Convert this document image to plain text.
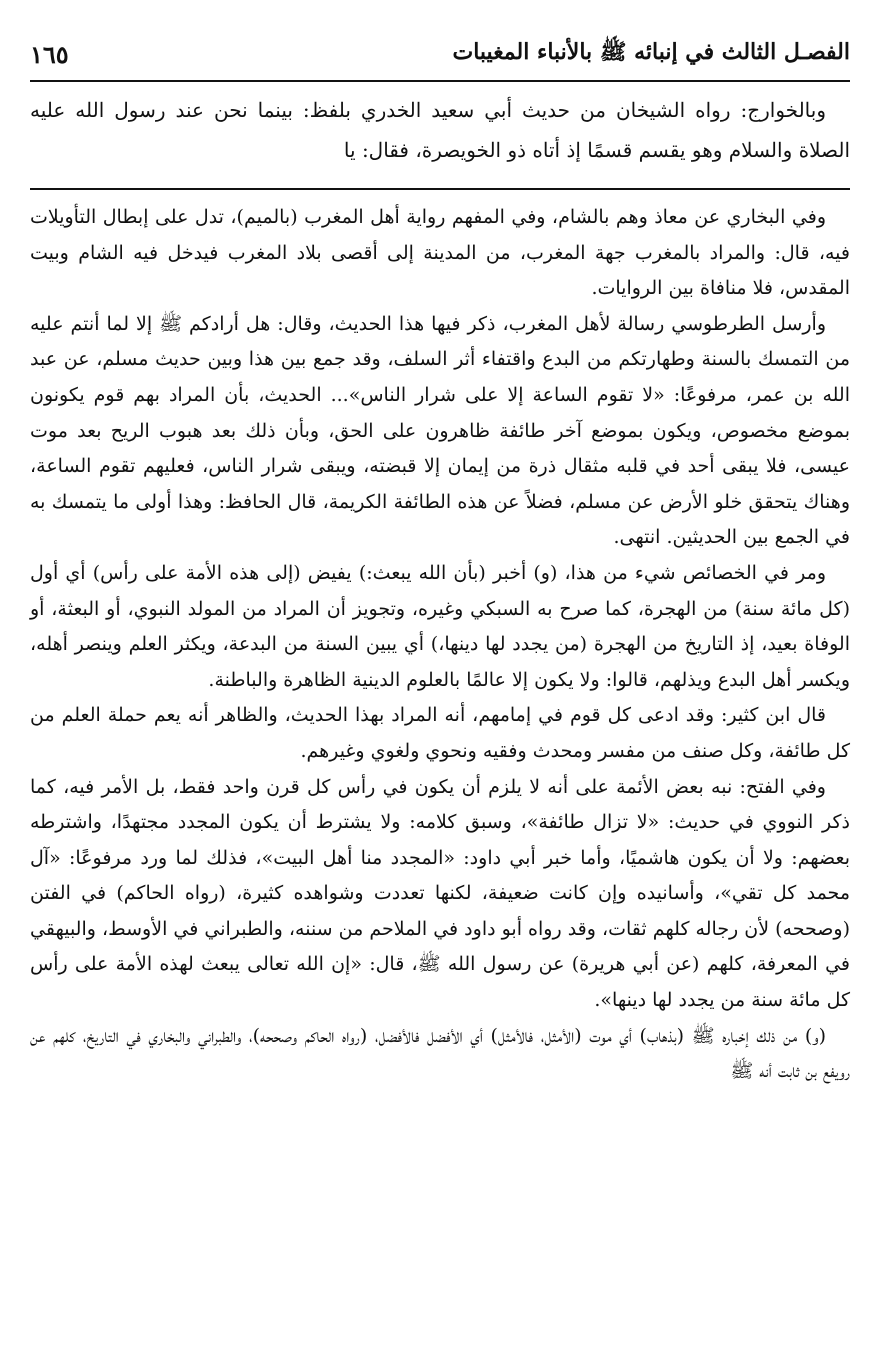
الفصـل الثالث في إنبائه ﷺ بالأنباء المغيبات
١٦٥

وبالخوارج: رواه الشيخان من حديث أبي سعيد الخدري بلفظ: بينما نحن عند رسول الله عليه الصلاة والسلام وهو يقسم قسمًا إذ أتاه ذو الخويصرة، فقال: يا

وفي البخاري عن معاذ وهم بالشام، وفي المفهم رواية أهل المغرب (بالميم)، تدل على إبطال التأويلات فيه، قال: والمراد بالمغرب جهة المغرب، من المدينة إلى أقصى بلاد المغرب فيدخل فيه الشام وبيت المقدس، فلا منافاة بين الروايات.

وأرسل الطرطوسي رسالة لأهل المغرب، ذكر فيها هذا الحديث، وقال: هل أرادكم ﷺ إلا لما أنتم عليه من التمسك بالسنة وطهارتكم من البدع واقتفاء أثر السلف، وقد جمع بين هذا وبين حديث مسلم، عن عبد الله بن عمر، مرفوعًا: «لا تقوم الساعة إلا على شرار الناس»... الحديث، بأن المراد بهم قوم يكونون بموضع مخصوص، ويكون بموضع آخر طائفة ظاهرون على الحق، وبأن ذلك بعد هبوب الريح بعد موت عيسى، فلا يبقى أحد في قلبه مثقال ذرة من إيمان إلا قبضته، ويبقى شرار الناس، فعليهم تقوم الساعة، وهناك يتحقق خلو الأرض عن مسلم، فضلاً عن هذه الطائفة الكريمة، قال الحافظ: وهذا أولى ما يتمسك به في الجمع بين الحديثين. انتهى.

ومر في الخصائص شيء من هذا، (و) أخبر (بأن الله يبعث:) يفيض (إلى هذه الأمة على رأس) أي أول (كل مائة سنة) من الهجرة، كما صرح به السبكي وغيره، وتجويز أن المراد من المولد النبوي، أو البعثة، أو الوفاة بعيد، إذ التاريخ من الهجرة (من يجدد لها دينها،) أي يبين السنة من البدعة، ويكثر العلم وينصر أهله، ويكسر أهل البدع ويذلهم، قالوا: ولا يكون إلا عالمًا بالعلوم الدينية الظاهرة والباطنة.

قال ابن كثير: وقد ادعى كل قوم في إمامهم، أنه المراد بهذا الحديث، والظاهر أنه يعم حملة العلم من كل طائفة، وكل صنف من مفسر ومحدث وفقيه ونحوي ولغوي وغيرهم.

وفي الفتح: نبه بعض الأئمة على أنه لا يلزم أن يكون في رأس كل قرن واحد فقط، بل الأمر فيه، كما ذكر النووي في حديث: «لا تزال طائفة»، وسبق كلامه: ولا يشترط أن يكون المجدد مجتهدًا، واشترطه بعضهم: ولا أن يكون هاشميًا، وأما خبر أبي داود: «المجدد منا أهل البيت»، فذلك لما ورد مرفوعًا: «آل محمد كل تقي»، وأسانيده وإن كانت ضعيفة، لكنها تعددت وشواهده كثيرة، (رواه الحاكم) في الفتن (وصححه) لأن رجاله كلهم ثقات، وقد رواه أبو داود في الملاحم من سننه، والطبراني في الأوسط، والبيهقي في المعرفة، كلهم (عن أبي هريرة) عن رسول الله ﷺ، قال: «إن الله تعالى يبعث لهذه الأمة على رأس كل مائة سنة من يجدد لها دينها».

(و) من ذلك إخباره ﷺ (بذهاب) أي موت (الأمثل، فالأمثل) أي الأفضل فالأفضل، (رواه الحاكم وصححه)، والطبراني والبخاري في التاريخ، كلهم عن رويفع بن ثابت أنه ﷺ
